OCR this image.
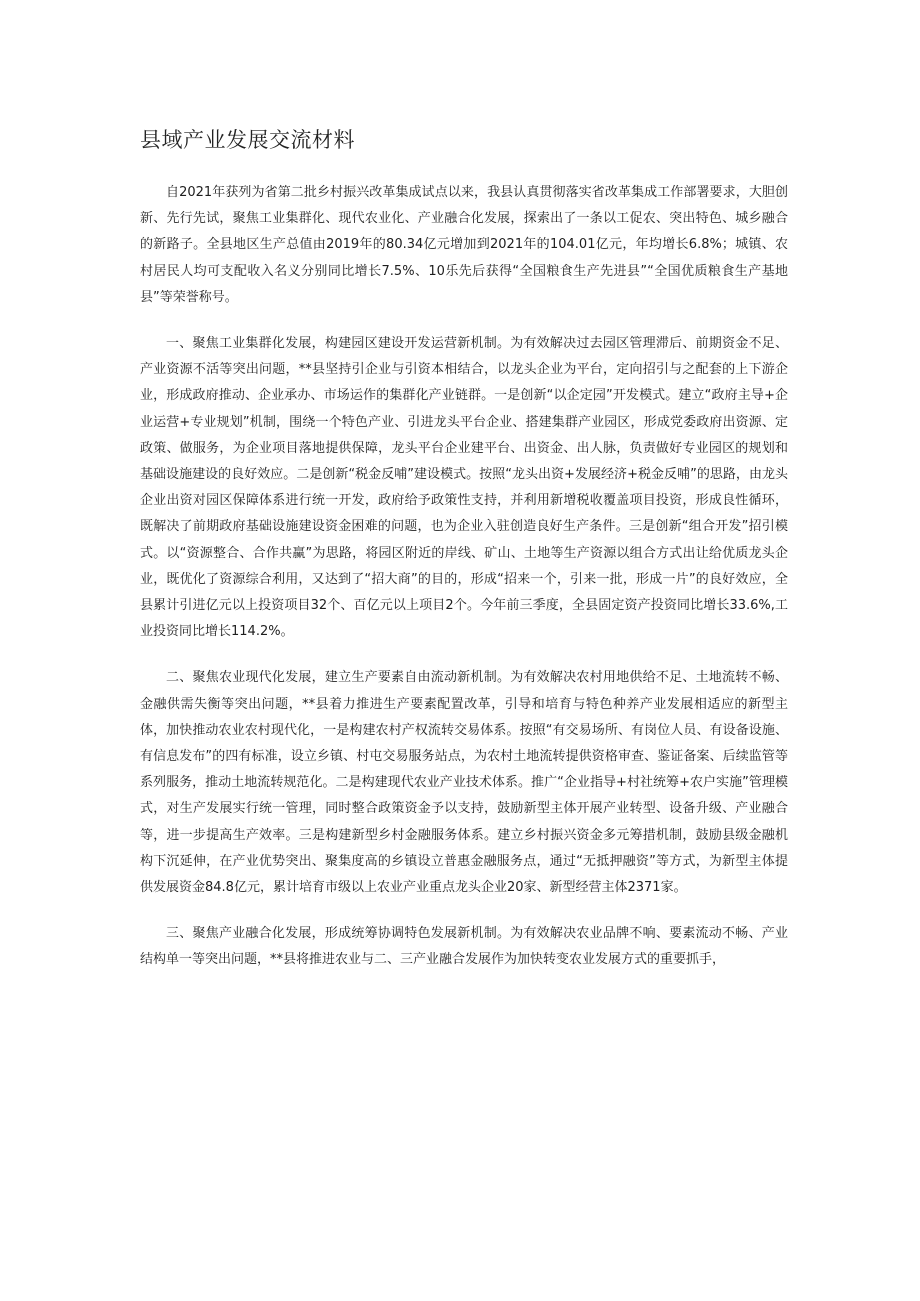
县域产业发展交流材料

自2021年获列为省第二批乡村振兴改革集成试点以来，我县认真贯彻落实省改革集成工作部署要求，大胆创新、先行先试，聚焦工业集群化、现代农业化、产业融合化发展，探索出了一条以工促农、突出特色、城乡融合的新路子。全县地区生产总值由2019年的80.34亿元增加到2021年的104.01亿元，年均增长6.8%；城镇、农村居民人均可支配收入名义分别同比增长7.5%、10乐先后获得“全国粮食生产先进县”“全国优质粮食生产基地县”等荣誉称号。

一、聚焦工业集群化发展，构建园区建设开发运营新机制。为有效解决过去园区管理滞后、前期资金不足、产业资源不活等突出问题，**县坚持引企业与引资本相结合，以龙头企业为平台，定向招引与之配套的上下游企业，形成政府推动、企业承办、市场运作的集群化产业链群。一是创新“以企定园”开发模式。建立“政府主导+企业运营+专业规划”机制，围绕一个特色产业、引进龙头平台企业、搭建集群产业园区，形成党委政府出资源、定政策、做服务，为企业项目落地提供保障，龙头平台企业建平台、出资金、出人脉，负责做好专业园区的规划和基础设施建设的良好效应。二是创新“税金反哺”建设模式。按照“龙头出资+发展经济+税金反哺”的思路，由龙头企业出资对园区保障体系进行统一开发，政府给予政策性支持，并利用新增税收覆盖项目投资，形成良性循环，既解决了前期政府基础设施建设资金困难的问题，也为企业入驻创造良好生产条件。三是创新“组合开发”招引模式。以“资源整合、合作共赢”为思路，将园区附近的岸线、矿山、土地等生产资源以组合方式出让给优质龙头企业，既优化了资源综合利用，又达到了“招大商”的目的，形成“招来一个，引来一批，形成一片”的良好效应，全县累计引进亿元以上投资项目32个、百亿元以上项目2个。今年前三季度，全县固定资产投资同比增长33.6%,工业投资同比增长114.2%。

二、聚焦农业现代化发展，建立生产要素自由流动新机制。为有效解决农村用地供给不足、土地流转不畅、金融供需失衡等突出问题，**县着力推进生产要素配置改革，引导和培育与特色种养产业发展相适应的新型主体，加快推动农业农村现代化，一是构建农村产权流转交易体系。按照“有交易场所、有岗位人员、有设备设施、有信息发布”的四有标准，设立乡镇、村屯交易服务站点，为农村土地流转提供资格审查、鉴证备案、后续监管等系列服务，推动土地流转规范化。二是构建现代农业产业技术体系。推广“企业指导+村社统筹+农户实施”管理模式，对生产发展实行统一管理，同时整合政策资金予以支持，鼓励新型主体开展产业转型、设备升级、产业融合等，进一步提高生产效率。三是构建新型乡村金融服务体系。建立乡村振兴资金多元筹措机制，鼓励县级金融机构下沉延伸，在产业优势突出、聚集度高的乡镇设立普惠金融服务点，通过“无抵押融资”等方式，为新型主体提供发展资金84.8亿元，累计培育市级以上农业产业重点龙头企业20家、新型经营主体2371家。

三、聚焦产业融合化发展，形成统筹协调特色发展新机制。为有效解决农业品牌不响、要素流动不畅、产业结构单一等突出问题，**县将推进农业与二、三产业融合发展作为加快转变农业发展方式的重要抓手，
